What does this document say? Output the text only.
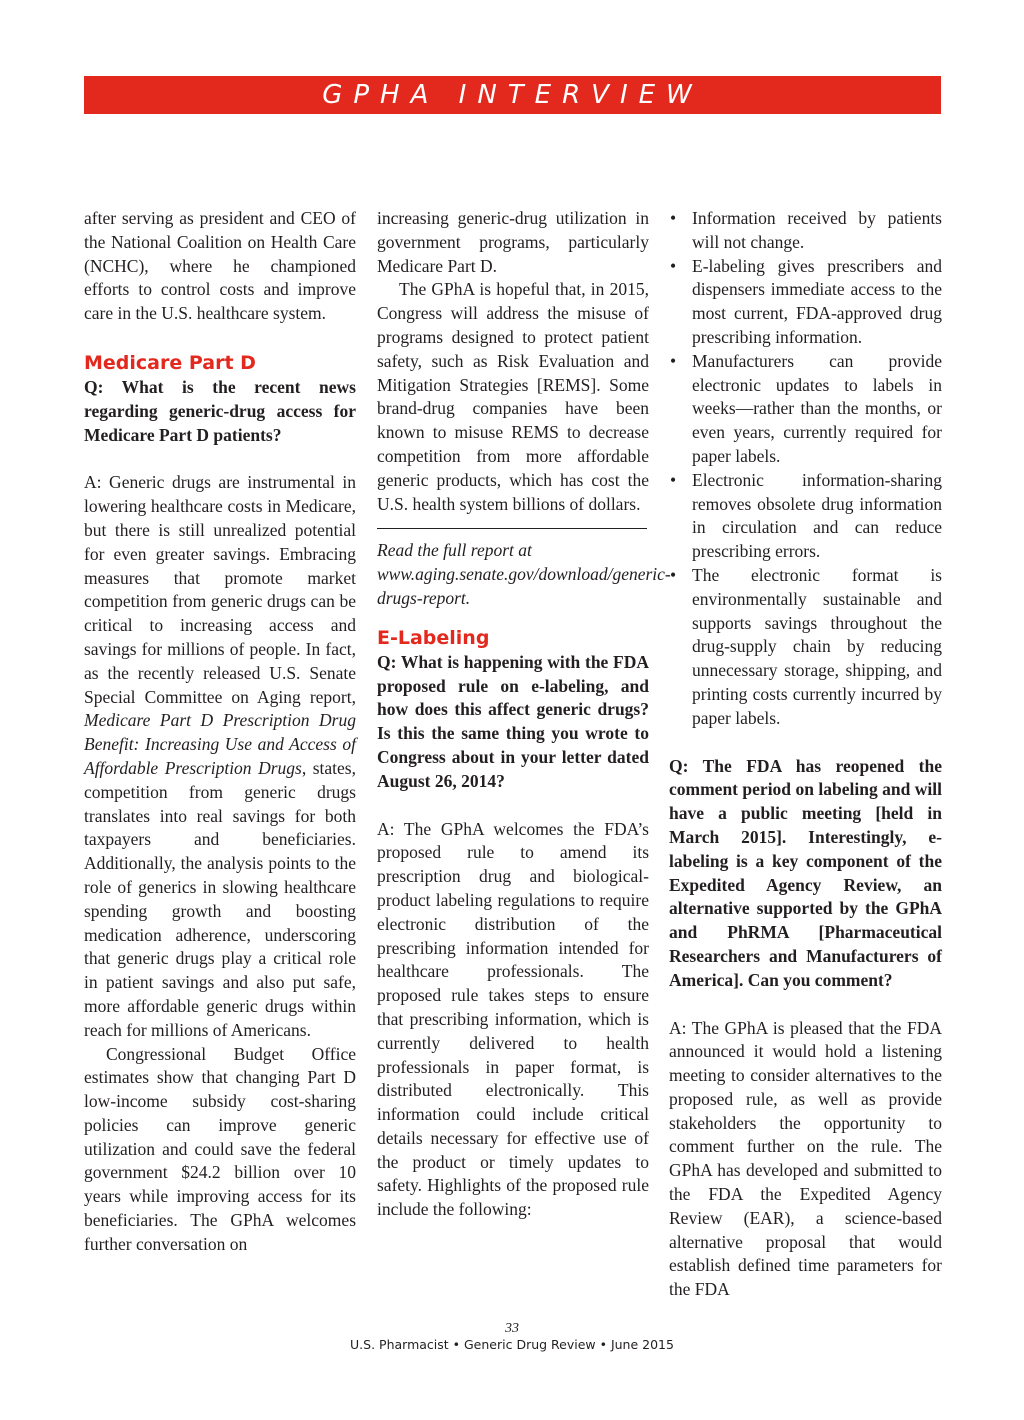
GPHA INTERVIEW

after serving as president and CEO of the National Coalition on Health Care (NCHC), where he championed efforts to control costs and improve care in the U.S. healthcare system.

Medicare Part D

Q: What is the recent news regarding generic-drug access for Medicare Part D patients?

A: Generic drugs are instrumental in lowering healthcare costs in Medicare, but there is still unrealized potential for even greater savings. Embracing measures that promote market competition from generic drugs can be critical to increasing access and savings for millions of people. In fact, as the recently released U.S. Senate Special Committee on Aging report, Medicare Part D Prescription Drug Benefit: Increasing Use and Access of Affordable Prescription Drugs, states, competition from generic drugs translates into real savings for both taxpayers and beneficiaries. Additionally, the analysis points to the role of generics in slowing healthcare spending growth and boosting medication adherence, underscoring that generic drugs play a critical role in patient savings and also put safe, more affordable generic drugs within reach for millions of Americans.

Congressional Budget Office estimates show that changing Part D low-income subsidy cost-sharing policies can improve generic utilization and could save the federal government $24.2 billion over 10 years while improving access for its beneficiaries. The GPhA welcomes further conversation on

increasing generic-drug utilization in government programs, particularly Medicare Part D.

The GPhA is hopeful that, in 2015, Congress will address the misuse of programs designed to protect patient safety, such as Risk Evaluation and Mitigation Strategies [REMS]. Some brand-drug companies have been known to misuse REMS to decrease competition from more affordable generic products, which has cost the U.S. health system billions of dollars.

Read the full report at www.aging.senate.gov/download/generic-drugs-report.

E-Labeling

Q: What is happening with the FDA proposed rule on e-labeling, and how does this affect generic drugs? Is this the same thing you wrote to Congress about in your letter dated August 26, 2014?

A: The GPhA welcomes the FDA’s proposed rule to amend its prescription drug and biological-product labeling regulations to require electronic distribution of the prescribing information intended for healthcare professionals. The proposed rule takes steps to ensure that prescribing information, which is currently delivered to health professionals in paper format, is distributed electronically. This information could include critical details necessary for effective use of the product or timely updates to safety. Highlights of the proposed rule include the following:

• Information received by patients will not change.
• E-labeling gives prescribers and dispensers immediate access to the most current, FDA-approved drug prescribing information.
• Manufacturers can provide electronic updates to labels in weeks—rather than the months, or even years, currently required for paper labels.
• Electronic information-sharing removes obsolete drug information in circulation and can reduce prescribing errors.
• The electronic format is environmentally sustainable and supports savings throughout the drug-supply chain by reducing unnecessary storage, shipping, and printing costs currently incurred by paper labels.

Q: The FDA has reopened the comment period on labeling and will have a public meeting [held in March 2015]. Interestingly, e-labeling is a key component of the Expedited Agency Review, an alternative supported by the GPhA and PhRMA [Pharmaceutical Researchers and Manufacturers of America]. Can you comment?

A: The GPhA is pleased that the FDA announced it would hold a listening meeting to consider alternatives to the proposed rule, as well as provide stakeholders the opportunity to comment further on the rule. The GPhA has developed and submitted to the FDA the Expedited Agency Review (EAR), a science-based alternative proposal that would establish defined time parameters for the FDA

33
U.S. Pharmacist • Generic Drug Review • June 2015
